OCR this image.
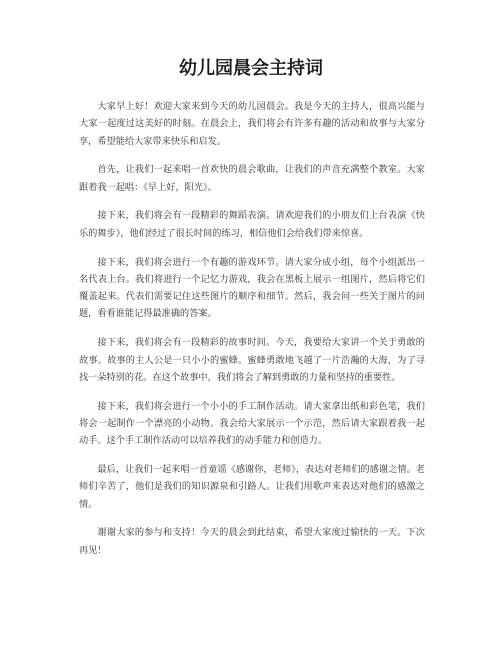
幼儿园晨会主持词

大家早上好！欢迎大家来到今天的幼儿园晨会。我是今天的主持人，很高兴能与大家一起度过这美好的时刻。在晨会上，我们将会有许多有趣的活动和故事与大家分享，希望能给大家带来快乐和启发。

首先，让我们一起来唱一首欢快的晨会歌曲，让我们的声音充满整个教室。大家跟着我一起唱：《早上好，阳光》。

接下来，我们将会有一段精彩的舞蹈表演。请欢迎我们的小朋友们上台表演《快乐的舞步》，他们经过了很长时间的练习，相信他们会给我们带来惊喜。

接下来，我们将会进行一个有趣的游戏环节。请大家分成小组，每个小组派出一名代表上台。我们将进行一个记忆力游戏，我会在黑板上展示一组图片，然后将它们覆盖起来。代表们需要记住这些图片的顺序和细节。然后，我会问一些关于图片的问题，看看谁能记得最准确的答案。

接下来，我们将会有一段精彩的故事时间。今天，我要给大家讲一个关于勇敢的故事。故事的主人公是一只小小的蜜蜂。蜜蜂勇敢地飞越了一片浩瀚的大海，为了寻找一朵特别的花。在这个故事中，我们将会了解到勇敢的力量和坚持的重要性。

接下来，我们将会进行一个小小的手工制作活动。请大家拿出纸和彩色笔，我们将会一起制作一个漂亮的小动物。我会给大家展示一个示范，然后请大家跟着我一起动手。这个手工制作活动可以培养我们的动手能力和创造力。

最后，让我们一起来唱一首童谣《感谢你，老师》，表达对老师们的感谢之情。老师们辛苦了，他们是我们的知识源泉和引路人。让我们用歌声来表达对他们的感激之情。

谢谢大家的参与和支持！今天的晨会到此结束，希望大家度过愉快的一天。下次再见！
